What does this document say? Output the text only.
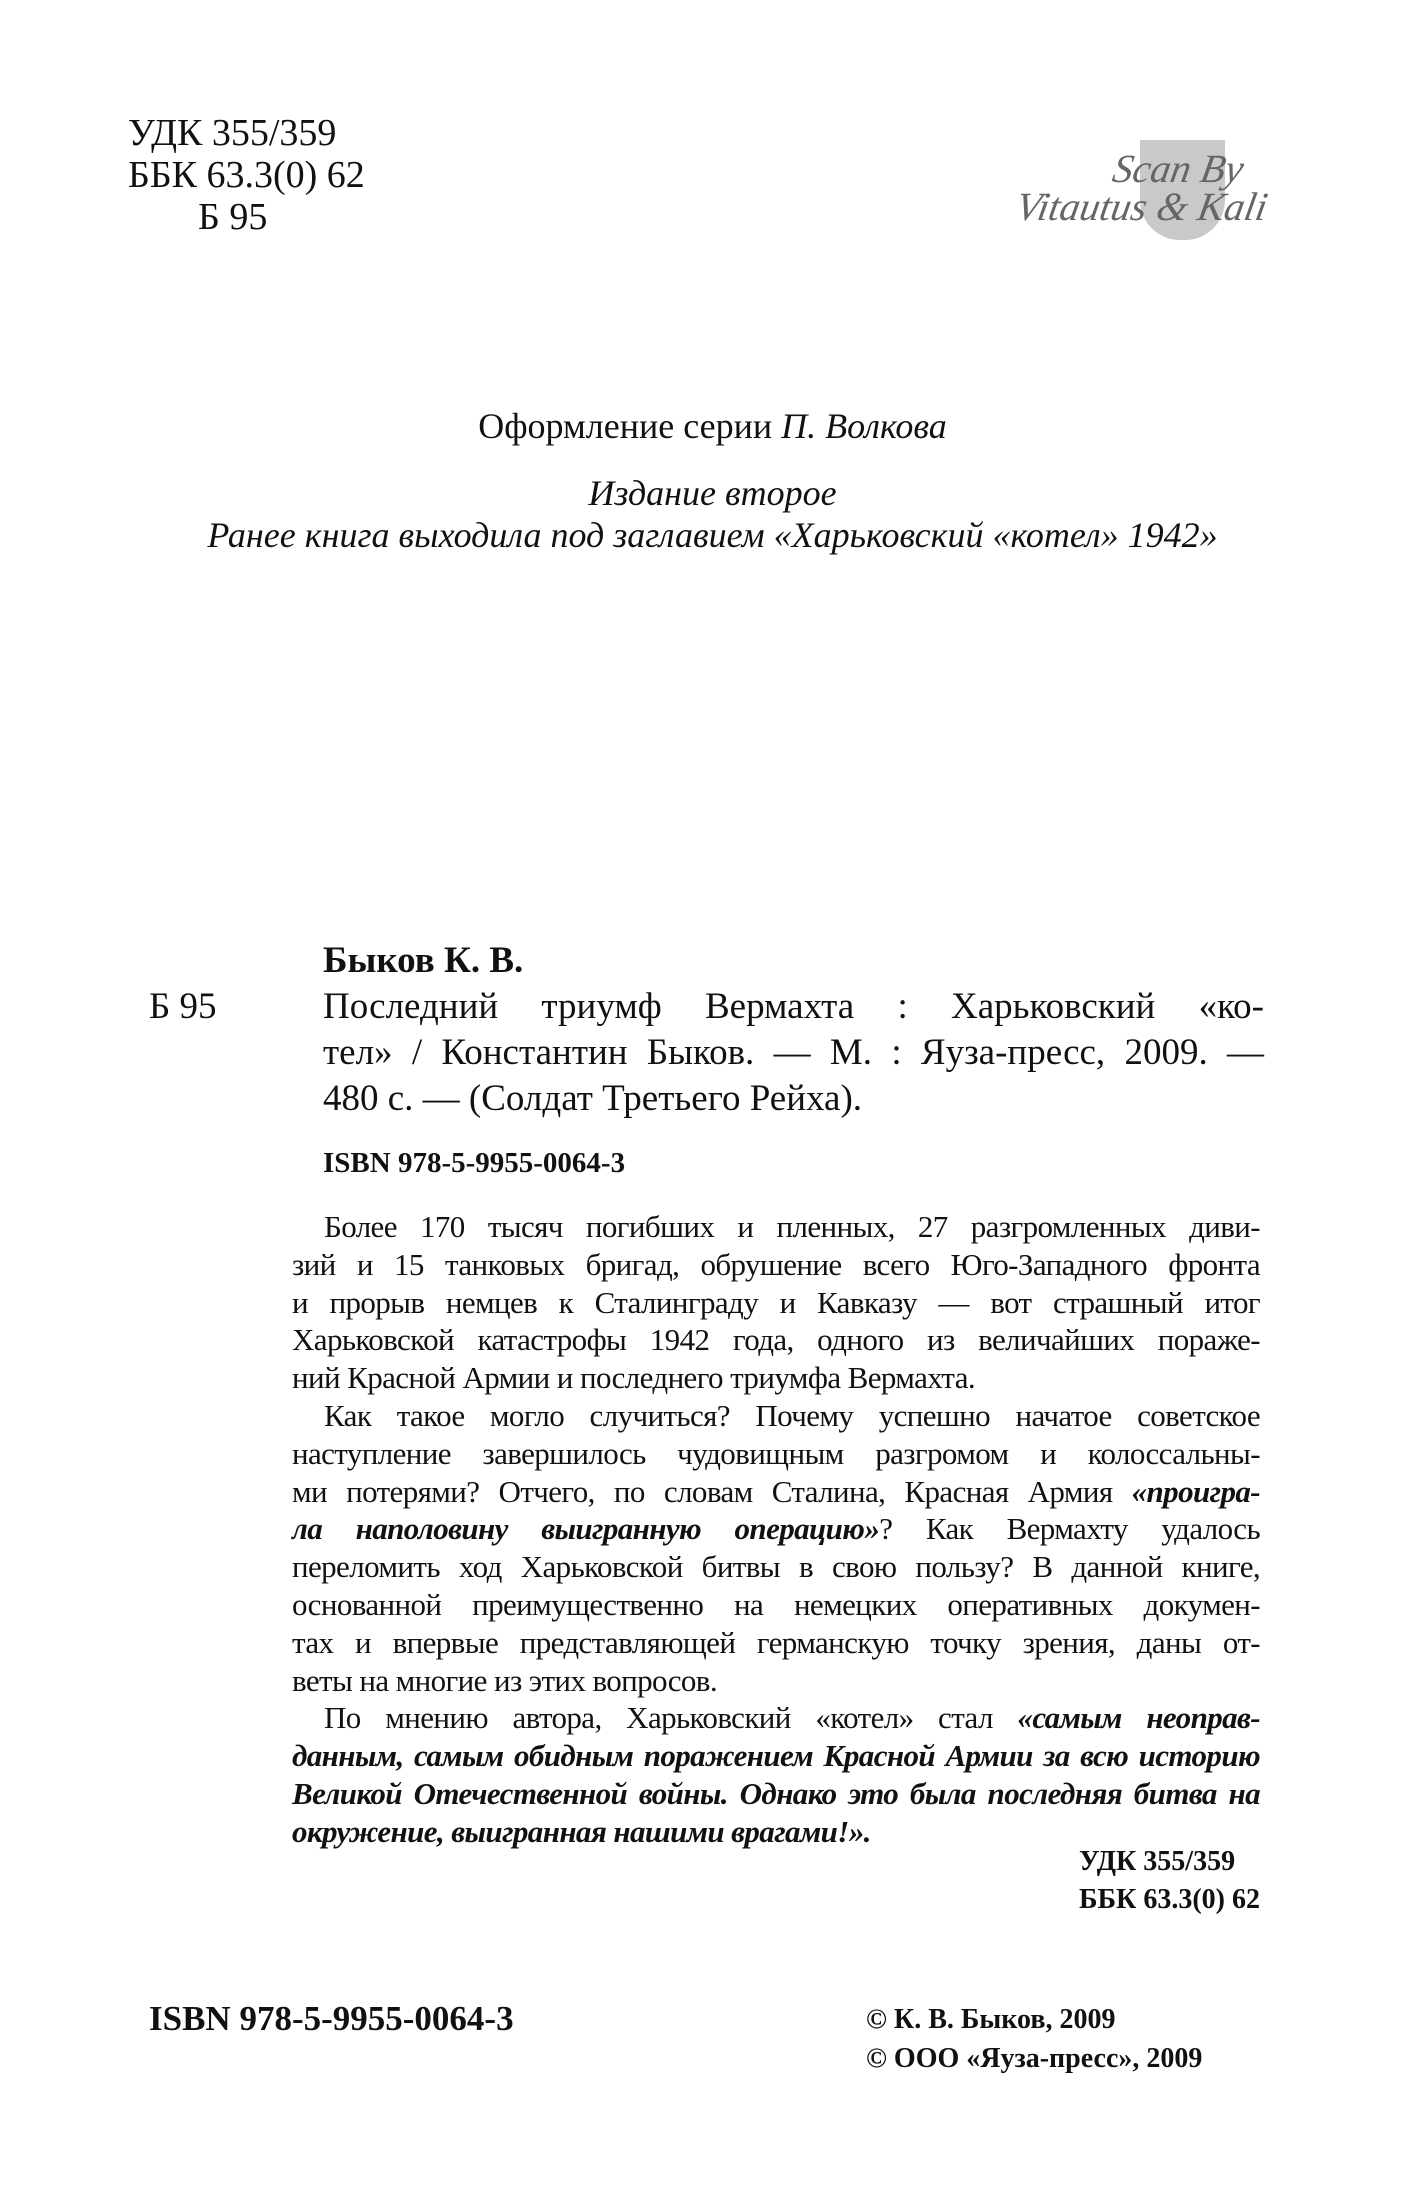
УДК 355/359
ББК 63.3(0) 62
Б 95
Scan By
Vitautus & Kali
Оформление серии П. Волкова
Издание второе
Ранее книга выходила под заглавием «Харьковский «котел» 1942»
Быков К. В.
Б 95	Последний триумф Вермахта : Харьковский «ко-
тел» / Константин Быков. — М. : Яуза-пресс, 2009. —
480 с. — (Солдат Третьего Рейха).
ISBN 978-5-9955-0064-3
Более 170 тысяч погибших и пленных, 27 разгромленных диви-
зий и 15 танковых бригад, обрушение всего Юго-Западного фронта
и прорыв немцев к Сталинграду и Кавказу — вот страшный итог
Харьковской катастрофы 1942 года, одного из величайших пораже-
ний Красной Армии и последнего триумфа Вермахта.
Как такое могло случиться? Почему успешно начатое советское
наступление завершилось чудовищным разгромом и колоссальны-
ми потерями? Отчего, по словам Сталина, Красная Армия «проигра-
ла наполовину выигранную операцию»? Как Вермахту удалось
переломить ход Харьковской битвы в свою пользу? В данной книге,
основанной преимущественно на немецких оперативных докумен-
тах и впервые представляющей германскую точку зрения, даны от-
веты на многие из этих вопросов.
По мнению автора, Харьковский «котел» стал «самым неоправ-
данным, самым обидным поражением Красной Армии за всю историю
Великой Отечественной войны. Однако это была последняя битва на
окружение, выигранная нашими врагами!».
УДК 355/359
ББК 63.3(0) 62
ISBN 978-5-9955-0064-3	© К. В. Быков, 2009
© ООО «Яуза-пресс», 2009
